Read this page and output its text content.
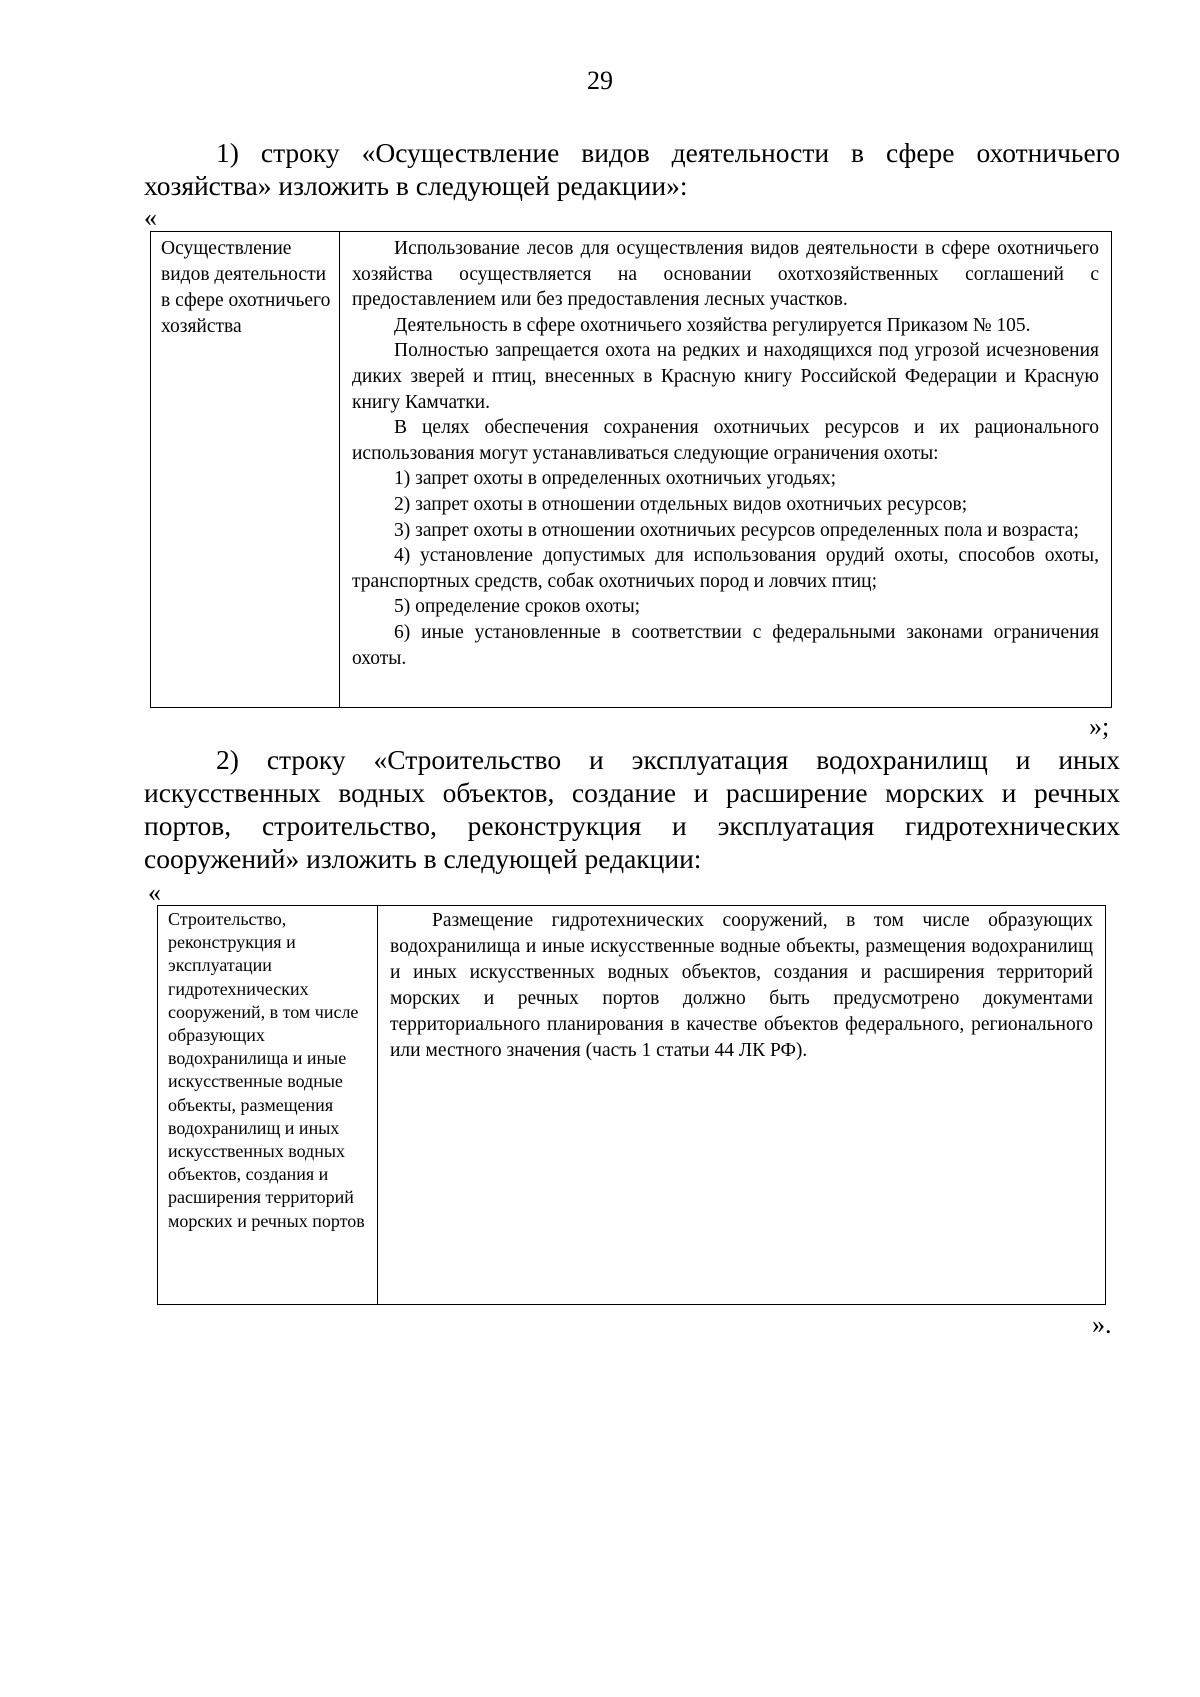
29

1) строку «Осуществление видов деятельности в сфере охотничьего хозяйства» изложить в следующей редакции»:

«
Осуществление видов деятельности в сфере охотничьего хозяйства	

Использование лесов для осуществления видов деятельности в сфере охотничьего хозяйства осуществляется на основании охотхозяйственных соглашений с предоставлением или без предоставления лесных участков.

Деятельность в сфере охотничьего хозяйства регулируется Приказом № 105.

Полностью запрещается охота на редких и находящихся под угрозой исчезновения диких зверей и птиц, внесенных в Красную книгу Российской Федерации и Красную книгу Камчатки.

В целях обеспечения сохранения охотничьих ресурсов и их рационального использования могут устанавливаться следующие ограничения охоты:

1) запрет охоты в определенных охотничьих угодьях;

2) запрет охоты в отношении отдельных видов охотничьих ресурсов;

3) запрет охоты в отношении охотничьих ресурсов определенных пола и возраста;

4) установление допустимых для использования орудий охоты, способов охоты, транспортных средств, собак охотничьих пород и ловчих птиц;

5) определение сроков охоты;

6) иные установленные в соответствии с федеральными законами ограничения охоты.

»;

2) строку «Строительство и эксплуатация водохранилищ и иных искусственных водных объектов, создание и расширение морских и речных портов, строительство, реконструкция и эксплуатация гидротехнических сооружений» изложить в следующей редакции:

«
Строительство, реконструкция и эксплуатации гидротехнических сооружений, в том числе образующих водохранилища и иные искусственные водные объекты, размещения водохранилищ и иных искусственных водных объектов, создания и расширения территорий морских и речных портов	

Размещение гидротехнических сооружений, в том числе образующих водохранилища и иные искусственные водные объекты, размещения водохранилищ и иных искусственных водных объектов, создания и расширения территорий морских и речных портов должно быть предусмотрено документами территориального планирования в качестве объектов федерального, регионального или местного значения (часть 1 статьи 44 ЛК РФ).

».
